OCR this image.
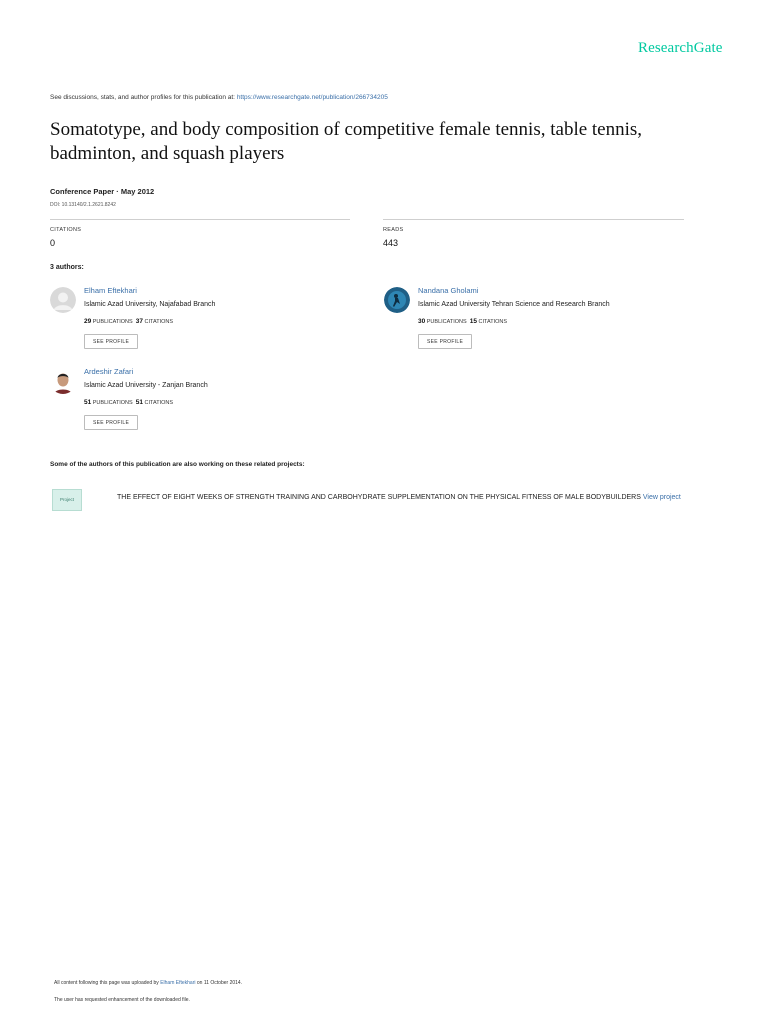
ResearchGate
See discussions, stats, and author profiles for this publication at: https://www.researchgate.net/publication/266734205
Somatotype, and body composition of competitive female tennis, table tennis,
badminton, and squash players
Conference Paper · May 2012
DOI: 10.13140/2.1.2621.8242
CITATIONS
0
READS
443
3 authors:
Elham Eftekhari
Islamic Azad University, Najafabad Branch
29 PUBLICATIONS 37 CITATIONS
SEE PROFILE
Nandana Gholami
Islamic Azad University Tehran Science and Research Branch
30 PUBLICATIONS 15 CITATIONS
SEE PROFILE
Ardeshir Zafari
Islamic Azad University - Zanjan Branch
51 PUBLICATIONS 51 CITATIONS
SEE PROFILE
Some of the authors of this publication are also working on these related projects:
Project	THE EFFECT OF EIGHT WEEKS OF STRENGTH TRAINING AND CARBOHYDRATE SUPPLEMENTATION ON THE PHYSICAL FITNESS OF MALE BODYBUILDERS View project
All content following this page was uploaded by Elham Eftekhari on 11 October 2014.
The user has requested enhancement of the downloaded file.
